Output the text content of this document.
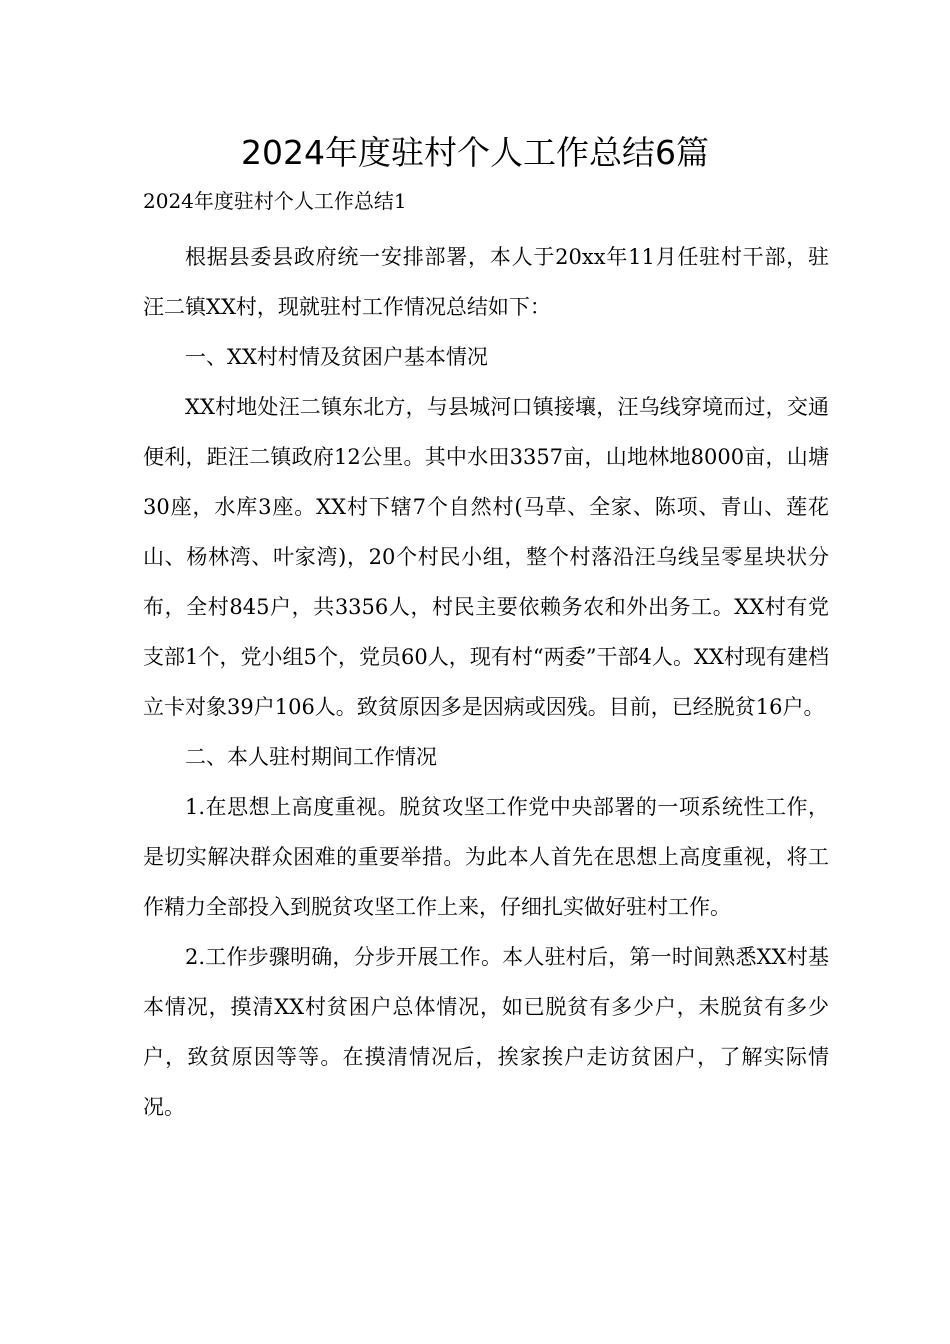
2024年度驻村个人工作总结6篇
2024年度驻村个人工作总结1

根据县委县政府统一安排部署，本人于20xx年11月任驻村干部，驻汪二镇XX村，现就驻村工作情况总结如下：

一、XX村村情及贫困户基本情况

XX村地处汪二镇东北方，与县城河口镇接壤，汪乌线穿境而过，交通便利，距汪二镇政府12公里。其中水田3357亩，山地林地8000亩，山塘30座，水库3座。XX村下辖7个自然村(马草、全家、陈项、青山、莲花山、杨林湾、叶家湾)，20个村民小组，整个村落沿汪乌线呈零星块状分布，全村845户，共3356人，村民主要依赖务农和外出务工。XX村有党支部1个，党小组5个，党员60人，现有村“两委”干部4人。XX村现有建档立卡对象39户106人。致贫原因多是因病或因残。目前，已经脱贫16户。

二、本人驻村期间工作情况

1.在思想上高度重视。脱贫攻坚工作党中央部署的一项系统性工作，是切实解决群众困难的重要举措。为此本人首先在思想上高度重视，将工作精力全部投入到脱贫攻坚工作上来，仔细扎实做好驻村工作。

2.工作步骤明确，分步开展工作。本人驻村后，第一时间熟悉XX村基本情况，摸清XX村贫困户总体情况，如已脱贫有多少户，未脱贫有多少户，致贫原因等等。在摸清情况后，挨家挨户走访贫困户，了解实际情况。
